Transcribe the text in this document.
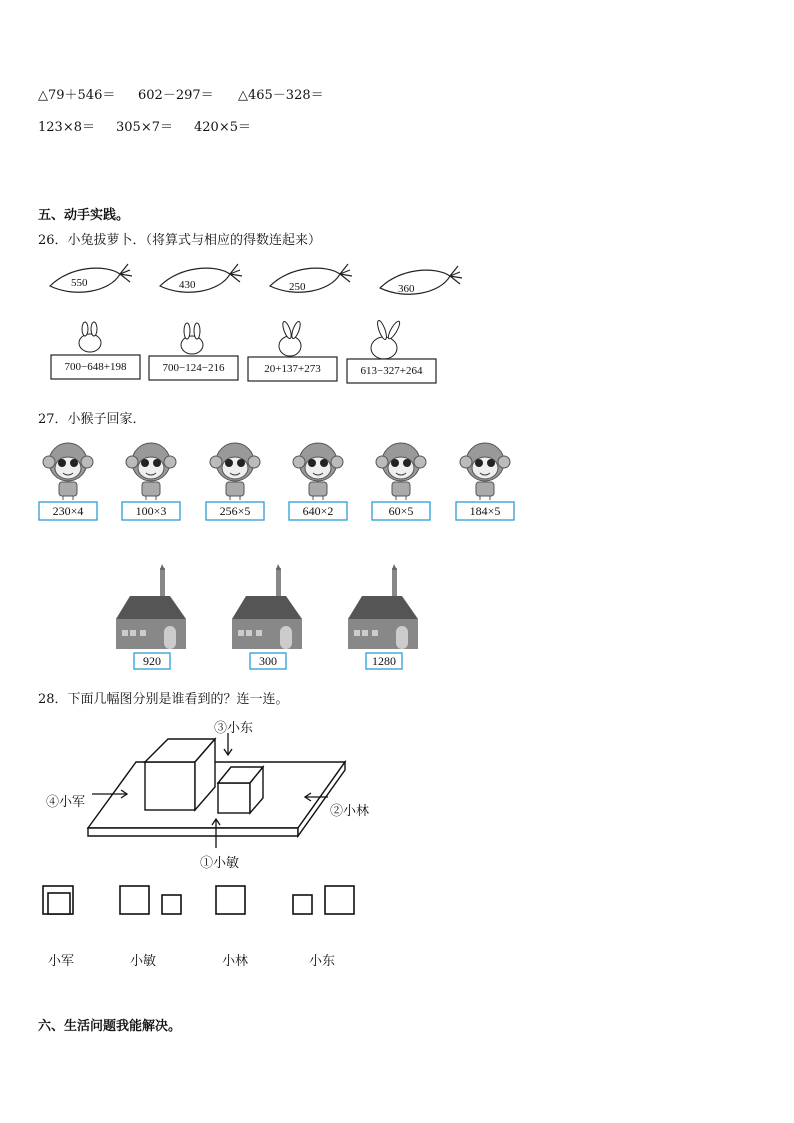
△79＋546＝ 602－297＝ △465－328＝
123×8＝ 305×7＝ 420×5＝
五、动手实践。
26．小兔拔萝卜．（将算式与相应的得数连起来）
550	430	250	360
700−648+198	700−124−216	20+137+273	613−327+264
27．小猴子回家．
230×4	100×3	256×5	640×2	60×5	184×5
920	300	1280
28．下面几幅图分别是谁看到的？连一连。
③小东
④小军
②小林
①小敏
小军	小敏	小林	小东
六、生活问题我能解决。
